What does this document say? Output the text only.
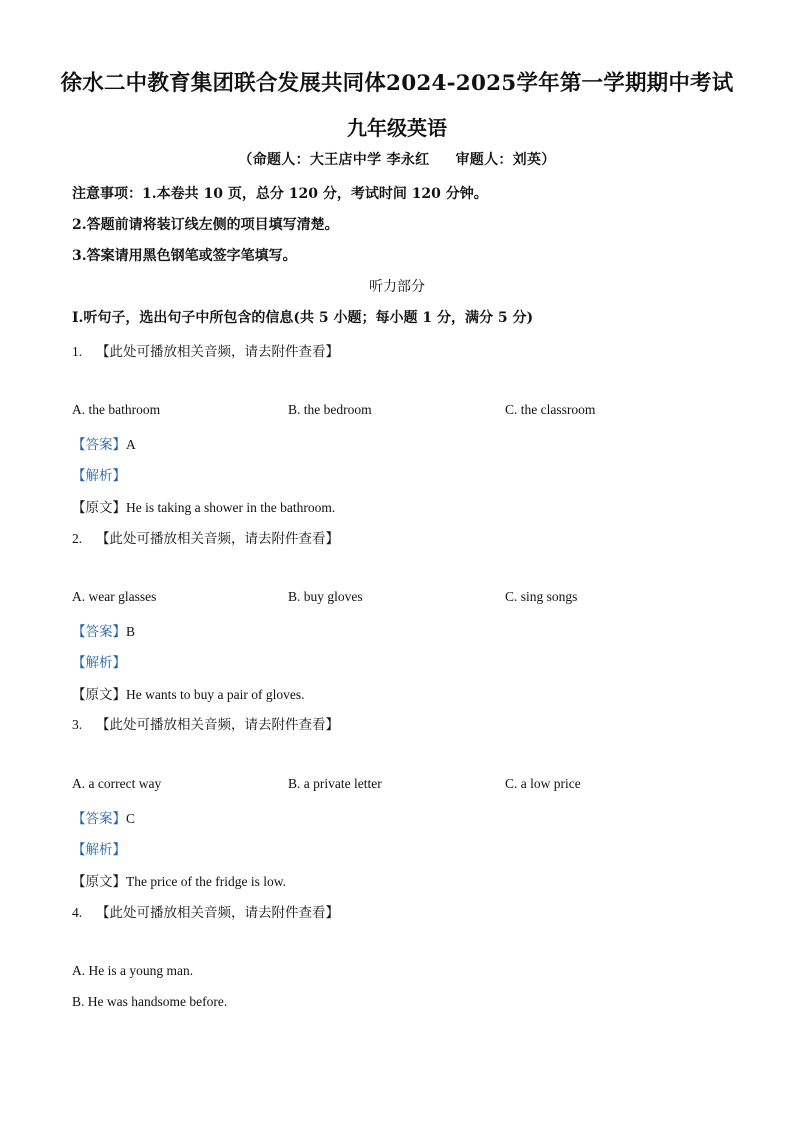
徐水二中教育集团联合发展共同体2024-2025学年第一学期期中考试
九年级英语
（命题人：大王店中学 李永红 审题人：刘英）
注意事项：1.本卷共 10 页，总分 120 分，考试时间 120 分钟。
2.答题前请将装订线左侧的项目填写清楚。
3.答案请用黑色钢笔或签字笔填写。
听力部分
I.听句子，选出句子中所包含的信息(共 5 小题；每小题 1 分，满分 5 分)
1. 【此处可播放相关音频，请去附件查看】
A. the bathroom	B. the bedroom	C. the classroom
【答案】A
【解析】
【原文】He is taking a shower in the bathroom.
2. 【此处可播放相关音频，请去附件查看】
A. wear glasses	B. buy gloves	C. sing songs
【答案】B
【解析】
【原文】He wants to buy a pair of gloves.
3. 【此处可播放相关音频，请去附件查看】
A. a correct way	B. a private letter	C. a low price
【答案】C
【解析】
【原文】The price of the fridge is low.
4. 【此处可播放相关音频，请去附件查看】
A. He is a young man.
B. He was handsome before.
